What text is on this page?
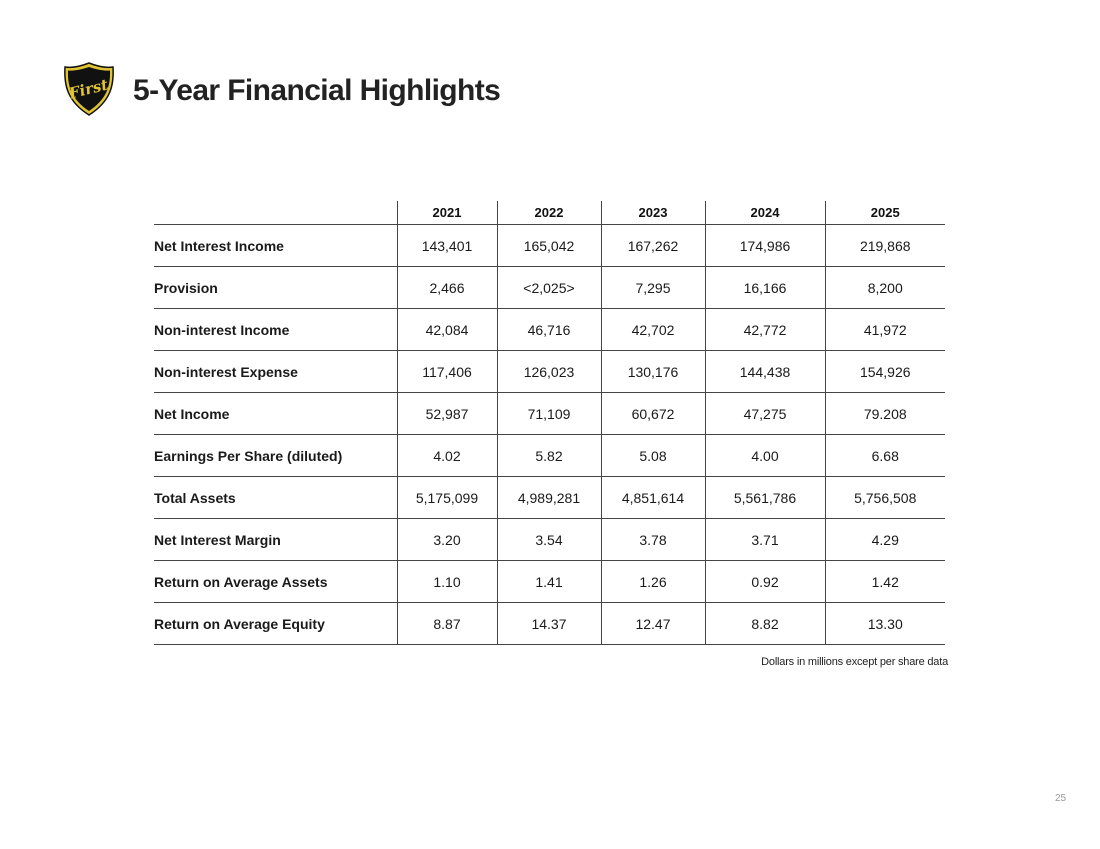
First 5-Year Financial Highlights
	2021	2022	2023	2024	2025
Net Interest Income	143,401	165,042	167,262	174,986	219,868
Provision	2,466	<2,025>	7,295	16,166	8,200
Non-interest Income	42,084	46,716	42,702	42,772	41,972
Non-interest Expense	117,406	126,023	130,176	144,438	154,926
Net Income	52,987	71,109	60,672	47,275	79.208
Earnings Per Share (diluted)	4.02	5.82	5.08	4.00	6.68
Total Assets	5,175,099	4,989,281	4,851,614	5,561,786	5,756,508
Net Interest Margin	3.20	3.54	3.78	3.71	4.29
Return on Average Assets	1.10	1.41	1.26	0.92	1.42
Return on Average Equity	8.87	14.37	12.47	8.82	13.30
Dollars in millions except per share data
25
